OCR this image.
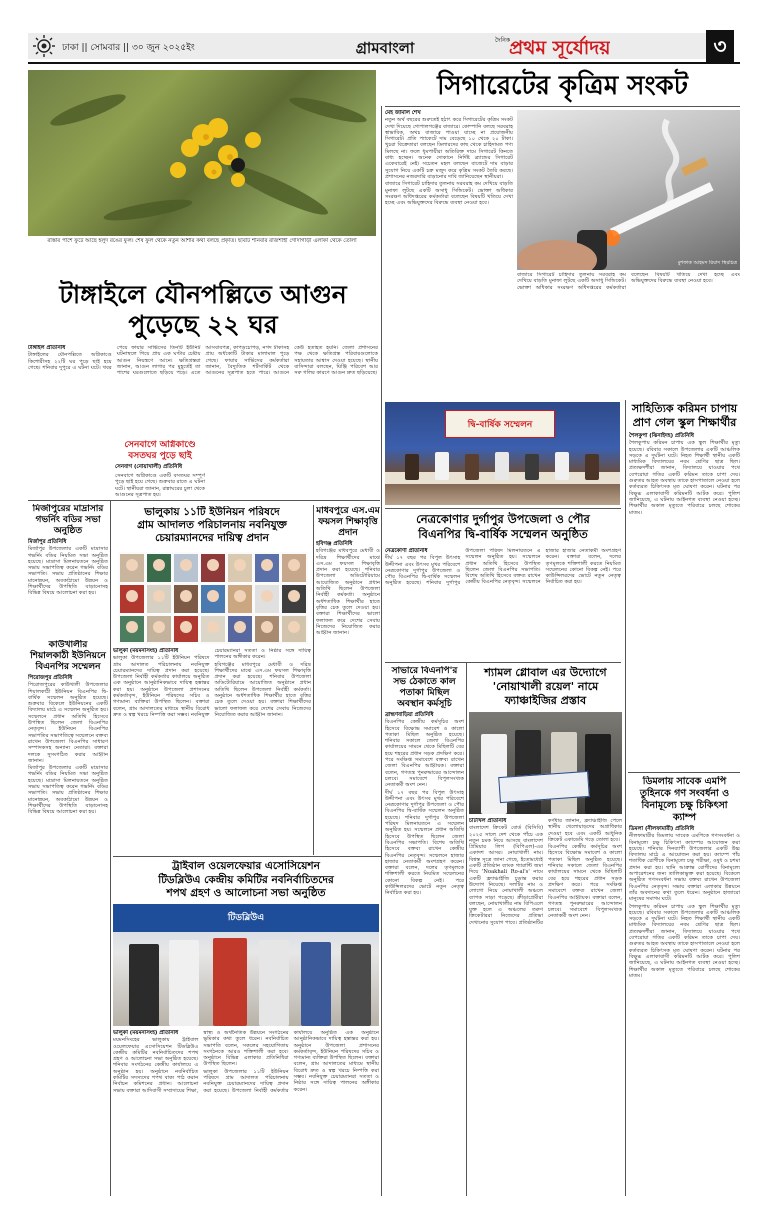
ঢাকা || সোমবার || ৩০ জুন ২০২৫ইং	গ্রামবাংলা	দৈনিক
প্রথম সূর্যোদয়	৩
রাস্তার পাশে ফুটে আছে হলুদ রঙের ফুল। শেষ ফুল থেকে নতুন আশার কথা বলছে প্রকৃতি। ছবিটি শনিবার রাজশাহী গোদাগাড়ী এলাকা থেকে তোলা
সিগারেটের কৃত্রিম সংকট
মেহ জামাল শেখ

নতুন অর্থ বছরের শুরুতেই হঠাৎ করে সিগারেটের কৃত্রিম সংকট দেখা দিয়েছে গোপালগঞ্জের বাজারে। কোম্পানি বলছে সরবরাহ স্বাভাবিক, অথচ বাজারে পাওয়া যাচ্ছে না প্রয়োজনীয় সিগারেট। প্রতি প্যাকেটে দাম বেড়েছে ১০ থেকে ২০ টাকা। খুচরা বিক্রেতারা বলছেন ডিলারদের কাছ থেকে চাহিদামত পণ্য মিলছে না। ফলে ধূমপায়ীরা অতিরিক্ত দামে সিগারেট কিনতে বাধ্য হচ্ছেন। অনেক দোকানে নির্দিষ্ট ব্র্যান্ডের সিগারেট একেবারেই নেই। সচেতন মহল বলছেন বাজেটে দাম বাড়ার সুযোগ নিয়ে একটি চক্র মজুদ করে কৃত্রিম সংকট তৈরি করছে। প্রশাসনের নজরদারি বাড়ানোর দাবি জানিয়েছেন স্থানীয়রা।

বাজারে সিগারেট চাহিদার তুলনায় সরবরাহ কম দেখিয়ে বাড়তি মুনাফা লুটছে একটি অসাধু সিন্ডিকেট। ভোক্তা অধিকার সংরক্ষণ অধিদপ্তরের কর্মকর্তারা বলেছেন বিষয়টি খতিয়ে দেখা হচ্ছে এবং অভিযুক্তদের বিরুদ্ধে ব্যবস্থা নেওয়া হবে।

মুশফাক আহমদ রিয়াদ স্থিরচিত্র

বাজারে সিগারেট চাহিদার তুলনায় সরবরাহ কম দেখিয়ে বাড়তি মুনাফা লুটছে একটি অসাধু সিন্ডিকেট। ভোক্তা অধিকার সংরক্ষণ অধিদপ্তরের কর্মকর্তারা বলেছেন বিষয়টি খতিয়ে দেখা হচ্ছে এবং অভিযুক্তদের বিরুদ্ধে ব্যবস্থা নেওয়া হবে।

টাঙ্গাইলে যৌনপল্লিতে আগুন
পুড়েছে ২২ ঘর
টাঙ্গাইল প্রতিনিধি

টাঙ্গাইলের যৌনপল্লিতে অগ্নিকাণ্ডে কিশোরীসহ ২২টি ঘর পুড়ে ছাই হয়ে গেছে। শনিবার দুপুরে এ ঘটনা ঘটে। খবর পেয়ে ফায়ার সার্ভিসের তিনটি ইউনিট ঘটনাস্থলে গিয়ে প্রায় এক ঘণ্টার চেষ্টায় আগুন নিয়ন্ত্রণে আনে। ক্ষতিগ্রস্তরা জানান, আগুন লাগার পর মুহূর্তেই তা পাশের ঘরগুলোতে ছড়িয়ে পড়ে। এতে আসবাবপত্র, কাপড়চোপড়, নগদ টাকাসহ প্রায় অর্ধকোটি টাকার মালামাল পুড়ে গেছে। ফায়ার সার্ভিসের কর্মকর্তারা জানান, বৈদ্যুতিক শর্টসার্কিট থেকে আগুনের সূত্রপাত হতে পারে। আগুনে কেউ হতাহত হয়নি। জেলা প্রশাসনের পক্ষ থেকে ক্ষতিগ্রস্ত পরিবারগুলোকে সহায়তার আশ্বাস দেওয়া হয়েছে। স্থানীয় বাসিন্দারা বলছেন, ঘিঞ্জি পরিবেশ আর সরু গলির কারণে আগুন দ্রুত ছড়িয়েছে।

সেনবাগে অগ্নিকাণ্ডে বসতঘর পুড়ে ছাই
সেনবাগ (নোয়াখালী) প্রতিনিধি
সেনবাগে অগ্নিকাণ্ডে একটি বসতঘর সম্পূর্ণ পুড়ে ছাই হয়ে গেছে। শুক্রবার রাতে এ ঘটনা ঘটে। স্থানীয়রা জানান, রান্নাঘরের চুলা থেকে আগুনের সূত্রপাত হয়।
দ্বি-বার্ষিক সম্মেলন
সাহিত্যিক করিমন চাপায় প্রাণ গেল স্কুল শিক্ষার্থীর
শৈলকুপা (ঝিনাইদহ) প্রতিনিধি

শৈলকুপায় করিমন চাপায় এক স্কুল শিক্ষার্থীর মৃত্যু হয়েছে। রবিবার সকালে উপজেলার একটি আঞ্চলিক সড়কে এ দুর্ঘটনা ঘটে। নিহত শিক্ষার্থী স্থানীয় একটি মাধ্যমিক বিদ্যালয়ের নবম শ্রেণির ছাত্র ছিল। প্রত্যক্ষদর্শীরা জানান, বিদ্যালয়ে যাওয়ার পথে বেপরোয়া গতির একটি করিমন তাকে চাপা দেয়। গুরুতর আহত অবস্থায় তাকে হাসপাতালে নেওয়া হলে কর্তব্যরত চিকিৎসক মৃত ঘোষণা করেন। ঘটনার পর বিক্ষুব্ধ এলাকাবাসী করিমনটি আটক করে। পুলিশ জানিয়েছে, এ ঘটনায় আইনগত ব্যবস্থা নেওয়া হচ্ছে। শিক্ষার্থীর অকাল মৃত্যুতে পরিবারে চলছে শোকের মাতম।

মির্জাপুরের মাদ্রাসার গভর্নিং বডির সভা অনুষ্ঠিত
মির্জাপুর প্রতিনিধি

মির্জাপুর উপজেলার একটি মাদ্রাসার গভর্নিং বডির নিয়মিত সভা অনুষ্ঠিত হয়েছে। মাদ্রাসা মিলনায়তনে অনুষ্ঠিত সভায় সভাপতিত্ব করেন গভর্নিং বডির সভাপতি। সভায় প্রতিষ্ঠানের শিক্ষার মানোন্নয়ন, অবকাঠামো উন্নয়ন ও শিক্ষার্থীদের উপস্থিতি বাড়ানোসহ বিভিন্ন বিষয়ে আলোচনা করা হয়।

কাউখালীর শিয়ালকাঠী ইউনিয়নে বিএনপির সম্মেলন
পিরোজপুর প্রতিনিধি

পিরোজপুরের কাউখালী উপজেলার শিয়ালকাঠী ইউনিয়ন বিএনপির দ্বি-বার্ষিক সম্মেলন অনুষ্ঠিত হয়েছে। শুক্রবার বিকেলে ইউনিয়নের একটি বিদ্যালয় মাঠে এ সম্মেলন অনুষ্ঠিত হয়। সম্মেলনে প্রধান অতিথি হিসেবে উপস্থিত ছিলেন জেলা বিএনপির নেতৃবৃন্দ। ইউনিয়ন বিএনপির সভাপতির সভাপতিত্বে সম্মেলনে বক্তব্য রাখেন উপজেলা বিএনপির সাধারণ সম্পাদকসহ অন্যান্য নেতারা। বক্তারা দলকে সুসংগঠিত করার আহ্বান জানান।

মির্জাপুর উপজেলার একটি মাদ্রাসার গভর্নিং বডির নিয়মিত সভা অনুষ্ঠিত হয়েছে। মাদ্রাসা মিলনায়তনে অনুষ্ঠিত সভায় সভাপতিত্ব করেন গভর্নিং বডির সভাপতি। সভায় প্রতিষ্ঠানের শিক্ষার মানোন্নয়ন, অবকাঠামো উন্নয়ন ও শিক্ষার্থীদের উপস্থিতি বাড়ানোসহ বিভিন্ন বিষয়ে আলোচনা করা হয়।

ভালুকায় ১১টি ইউনিয়ন পরিষদে
গ্রাম আদালত পরিচালনায় নবনিযুক্ত
চেয়ারম্যানদের দায়িত্ব প্রদান
ভালুকা (ময়মনসিংহ) প্রতিনিধি

ভালুকা উপজেলার ১১টি ইউনিয়ন পরিষদে গ্রাম আদালত পরিচালনায় নবনিযুক্ত চেয়ারম্যানদের দায়িত্ব প্রদান করা হয়েছে। উপজেলা নির্বাহী কর্মকর্তার কার্যালয়ে অনুষ্ঠিত এক অনুষ্ঠানে আনুষ্ঠানিকভাবে দায়িত্ব হস্তান্তর করা হয়। অনুষ্ঠানে উপজেলা প্রশাসনের কর্মকর্তাবৃন্দ, ইউনিয়ন পরিষদের সচিব ও গণ্যমান্য ব্যক্তিরা উপস্থিত ছিলেন। বক্তারা বলেন, গ্রাম আদালতের মাধ্যমে স্থানীয় বিরোধ দ্রুত ও স্বল্প খরচে নিষ্পত্তি করা সম্ভব। নবনিযুক্ত চেয়ারম্যানরা সততা ও নিষ্ঠার সঙ্গে দায়িত্ব পালনের অঙ্গীকার করেন।

হবিগঞ্জের মাধবপুরে মেধাবী ও দরিদ্র শিক্ষার্থীদের মাঝে এস.এম ফয়সল শিক্ষাবৃত্তি প্রদান করা হয়েছে। শনিবার উপজেলা অডিটোরিয়ামে আয়োজিত অনুষ্ঠানে প্রধান অতিথি ছিলেন উপজেলা নির্বাহী কর্মকর্তা। অনুষ্ঠানে অর্ধশতাধিক শিক্ষার্থীর হাতে বৃত্তির চেক তুলে দেওয়া হয়। বক্তারা শিক্ষার্থীদের ভালো ফলাফল করে দেশের সেবায় নিজেদের নিয়োজিত করার আহ্বান জানান।

মাধবপুরে এস.এম ফয়সল শিক্ষাবৃত্তি প্রদান
হবিগঞ্জ প্রতিনিধি

হবিগঞ্জের মাধবপুরে মেধাবী ও দরিদ্র শিক্ষার্থীদের মাঝে এস.এম ফয়সল শিক্ষাবৃত্তি প্রদান করা হয়েছে। শনিবার উপজেলা অডিটোরিয়ামে আয়োজিত অনুষ্ঠানে প্রধান অতিথি ছিলেন উপজেলা নির্বাহী কর্মকর্তা। অনুষ্ঠানে অর্ধশতাধিক শিক্ষার্থীর হাতে বৃত্তির চেক তুলে দেওয়া হয়। বক্তারা শিক্ষার্থীদের ভালো ফলাফল করে দেশের সেবায় নিজেদের নিয়োজিত করার আহ্বান জানান।

নেত্রকোণার দুর্গাপুর উপজেলা ও পৌর
বিএনপির দ্বি-বার্ষিক সম্মেলন অনুষ্ঠিত
নেত্রকোণা প্রতিনিধি

দীর্ঘ ১৭ বছর পর বিপুল উৎসাহ উদ্দীপনা এবং উৎসব মুখর পরিবেশে নেত্রকোণার দুর্গাপুর উপজেলা ও পৌর বিএনপির দ্বি-বার্ষিক সম্মেলন অনুষ্ঠিত হয়েছে। শনিবার দুর্গাপুর উপজেলা পরিষদ মিলনায়তনে এ সম্মেলন অনুষ্ঠিত হয়। সম্মেলনে প্রধান অতিথি হিসেবে উপস্থিত ছিলেন জেলা বিএনপির সভাপতি। বিশেষ অতিথি হিসেবে বক্তব্য রাখেন কেন্দ্রীয় বিএনপির নেতৃবৃন্দ। সম্মেলনে হাজার হাজার নেতাকর্মী অংশগ্রহণ করেন। বক্তারা বলেন, দলের তৃণমূলকে শক্তিশালী করতে নিয়মিত সম্মেলনের কোনো বিকল্প নেই। পরে কাউন্সিলরদের ভোটে নতুন নেতৃত্ব নির্বাচিত করা হয়।

সাভারে বিএনপি'র সভ ঠেকাতে কাল পতাকা মিছিল অবস্থান কর্মসূচি
ব্রাহ্মণবাড়িয়া প্রতিনিধি

বিএনপির কেন্দ্রীয় কর্মসূচির অংশ হিসেবে বিক্ষোভ সমাবেশ ও কালো পতাকা মিছিল অনুষ্ঠিত হয়েছে। শনিবার সকালে জেলা বিএনপির কার্যালয়ের সামনে থেকে মিছিলটি বের হয়ে শহরের প্রধান সড়ক প্রদক্ষিণ করে। পরে সংক্ষিপ্ত সমাবেশে বক্তব্য রাখেন জেলা বিএনপির আহ্বায়ক। বক্তারা বলেন, গণতন্ত্র পুনরুদ্ধারের আন্দোলন চলবে। সমাবেশে বিপুলসংখ্যক নেতাকর্মী অংশ নেন।

দীর্ঘ ১৭ বছর পর বিপুল উৎসাহ উদ্দীপনা এবং উৎসব মুখর পরিবেশে নেত্রকোণার দুর্গাপুর উপজেলা ও পৌর বিএনপির দ্বি-বার্ষিক সম্মেলন অনুষ্ঠিত হয়েছে। শনিবার দুর্গাপুর উপজেলা পরিষদ মিলনায়তনে এ সম্মেলন অনুষ্ঠিত হয়। সম্মেলনে প্রধান অতিথি হিসেবে উপস্থিত ছিলেন জেলা বিএনপির সভাপতি। বিশেষ অতিথি হিসেবে বক্তব্য রাখেন কেন্দ্রীয় বিএনপির নেতৃবৃন্দ। সম্মেলনে হাজার হাজার নেতাকর্মী অংশগ্রহণ করেন। বক্তারা বলেন, দলের তৃণমূলকে শক্তিশালী করতে নিয়মিত সম্মেলনের কোনো বিকল্প নেই। পরে কাউন্সিলরদের ভোটে নতুন নেতৃত্ব নির্বাচিত করা হয়।

শ্যামল গ্লোবাল এর উদ্যোগে
'নোয়াখালী রয়েল' নামে
ফ্যাঞ্চাইজির প্রস্তাব
চাটখিল প্রতিনিধি

বাংলাদেশ ক্রিকেট বোর্ড (বিসিবি) ২০২৫ সালে দেশ থেকে পাঁচে এক নতুন চমক নিয়ে আসছে বাংলাদেশ প্রিমিয়ার লিগ (বিপিএল)-এর একাদশ আসর। নোয়াখালী নাম। বিশ্বস্ত সূত্রে জানা গেছে, ইতোমধ্যেই একটি প্রতিষ্ঠান ব্যাংক গ্যারান্টি জমা দিয়ে 'Noakhali Ro-al's' নামে একটি ফ্র্যাঞ্চাইজি চূড়ান্ত করার উদ্যোগ নিয়েছে। দলটির নাম ও লোগো নিয়ে নোয়াখালী অঞ্চলে ব্যাপক সাড়া পড়েছে। ক্রীড়াপ্রেমীরা বলছেন, নোয়াখালীর নাম বিপিএলে যুক্ত হলে এ অঞ্চলের তরুণ ক্রিকেটাররা নিজেদের প্রতিভা দেখানোর সুযোগ পাবে। প্রতিষ্ঠানটির কর্ণধার জানান, ফ্র্যাঞ্চাইজি পেলে স্থানীয় খেলোয়াড়দের অগ্রাধিকার দেওয়া হবে এবং একটি আধুনিক ক্রিকেট একাডেমি গড়ে তোলা হবে।

বিএনপির কেন্দ্রীয় কর্মসূচির অংশ হিসেবে বিক্ষোভ সমাবেশ ও কালো পতাকা মিছিল অনুষ্ঠিত হয়েছে। শনিবার সকালে জেলা বিএনপির কার্যালয়ের সামনে থেকে মিছিলটি বের হয়ে শহরের প্রধান সড়ক প্রদক্ষিণ করে। পরে সংক্ষিপ্ত সমাবেশে বক্তব্য রাখেন জেলা বিএনপির আহ্বায়ক। বক্তারা বলেন, গণতন্ত্র পুনরুদ্ধারের আন্দোলন চলবে। সমাবেশে বিপুলসংখ্যক নেতাকর্মী অংশ নেন।

ডিমলায় সাবেক এমপি তুহিনকে গণ সংবর্ধনা ও বিনামূল্যে চক্ষু চিকিৎসা ক্যাম্প
ডিমলা (নীলফামারী) প্রতিনিধি

নীলফামারীর ডিমলায় সাবেক এমপিকে গণসংবর্ধনা ও বিনামূল্যে চক্ষু চিকিৎসা ক্যাম্পের আয়োজন করা হয়েছে। শনিবার দিনব্যাপী উপজেলার একটি উচ্চ বিদ্যালয় মাঠে এ আয়োজন করা হয়। ক্যাম্পে পাঁচ শতাধিক রোগীকে বিনামূল্যে চক্ষু পরীক্ষা, ওষুধ ও চশমা প্রদান করা হয়। ছানি আক্রান্ত রোগীদের বিনামূল্যে অপারেশনের জন্য তালিকাভুক্ত করা হয়েছে। বিকেলে অনুষ্ঠিত গণসংবর্ধনা সভায় বক্তব্য রাখেন উপজেলা বিএনপির নেতৃবৃন্দ। সভায় বক্তারা এলাকার উন্নয়নে তাঁর অবদানের কথা তুলে ধরেন। অনুষ্ঠানে হাজারো মানুষের সমাগম ঘটে।

শৈলকুপায় করিমন চাপায় এক স্কুল শিক্ষার্থীর মৃত্যু হয়েছে। রবিবার সকালে উপজেলার একটি আঞ্চলিক সড়কে এ দুর্ঘটনা ঘটে। নিহত শিক্ষার্থী স্থানীয় একটি মাধ্যমিক বিদ্যালয়ের নবম শ্রেণির ছাত্র ছিল। প্রত্যক্ষদর্শীরা জানান, বিদ্যালয়ে যাওয়ার পথে বেপরোয়া গতির একটি করিমন তাকে চাপা দেয়। গুরুতর আহত অবস্থায় তাকে হাসপাতালে নেওয়া হলে কর্তব্যরত চিকিৎসক মৃত ঘোষণা করেন। ঘটনার পর বিক্ষুব্ধ এলাকাবাসী করিমনটি আটক করে। পুলিশ জানিয়েছে, এ ঘটনায় আইনগত ব্যবস্থা নেওয়া হচ্ছে। শিক্ষার্থীর অকাল মৃত্যুতে পরিবারে চলছে শোকের মাতম।

ট্রাইবাল ওয়েলফেয়ার এসোসিয়েশন
টিডব্লিউএ কেন্দ্রীয় কমিটির নবনির্বাচিতদের
শপথ গ্রহণ ও আলোচনা সভা অনুষ্ঠিত
টিডব্লিউএ
ভালুকা (ময়মনসিংহ) প্রতিনিধি

ময়মনসিংহের ভালুকায় ট্রাইবাল ওয়েলফেয়ার এসোসিয়েশন টিডব্লিউএ কেন্দ্রীয় কমিটির নবনির্বাচিতদের শপথ গ্রহণ ও আলোচনা সভা অনুষ্ঠিত হয়েছে। শনিবার সংগঠনের কেন্দ্রীয় কার্যালয়ে এ অনুষ্ঠান হয়। অনুষ্ঠানে নবনির্বাচিত কমিটির সদস্যদের শপথ বাক্য পাঠ করান নির্বাচন কমিশনের প্রধান। আলোচনা সভায় বক্তারা আদিবাসী সম্প্রদায়ের শিক্ষা, স্বাস্থ্য ও অর্থনৈতিক উন্নয়নে সংগঠনের ভূমিকার কথা তুলে ধরেন। নবনির্বাচিত সভাপতি বলেন, সকলের সহযোগিতায় সংগঠনকে আরও শক্তিশালী করা হবে। অনুষ্ঠানে বিভিন্ন এলাকার প্রতিনিধিরা উপস্থিত ছিলেন।

ভালুকা উপজেলার ১১টি ইউনিয়ন পরিষদে গ্রাম আদালত পরিচালনায় নবনিযুক্ত চেয়ারম্যানদের দায়িত্ব প্রদান করা হয়েছে। উপজেলা নির্বাহী কর্মকর্তার কার্যালয়ে অনুষ্ঠিত এক অনুষ্ঠানে আনুষ্ঠানিকভাবে দায়িত্ব হস্তান্তর করা হয়। অনুষ্ঠানে উপজেলা প্রশাসনের কর্মকর্তাবৃন্দ, ইউনিয়ন পরিষদের সচিব ও গণ্যমান্য ব্যক্তিরা উপস্থিত ছিলেন। বক্তারা বলেন, গ্রাম আদালতের মাধ্যমে স্থানীয় বিরোধ দ্রুত ও স্বল্প খরচে নিষ্পত্তি করা সম্ভব। নবনিযুক্ত চেয়ারম্যানরা সততা ও নিষ্ঠার সঙ্গে দায়িত্ব পালনের অঙ্গীকার করেন।
